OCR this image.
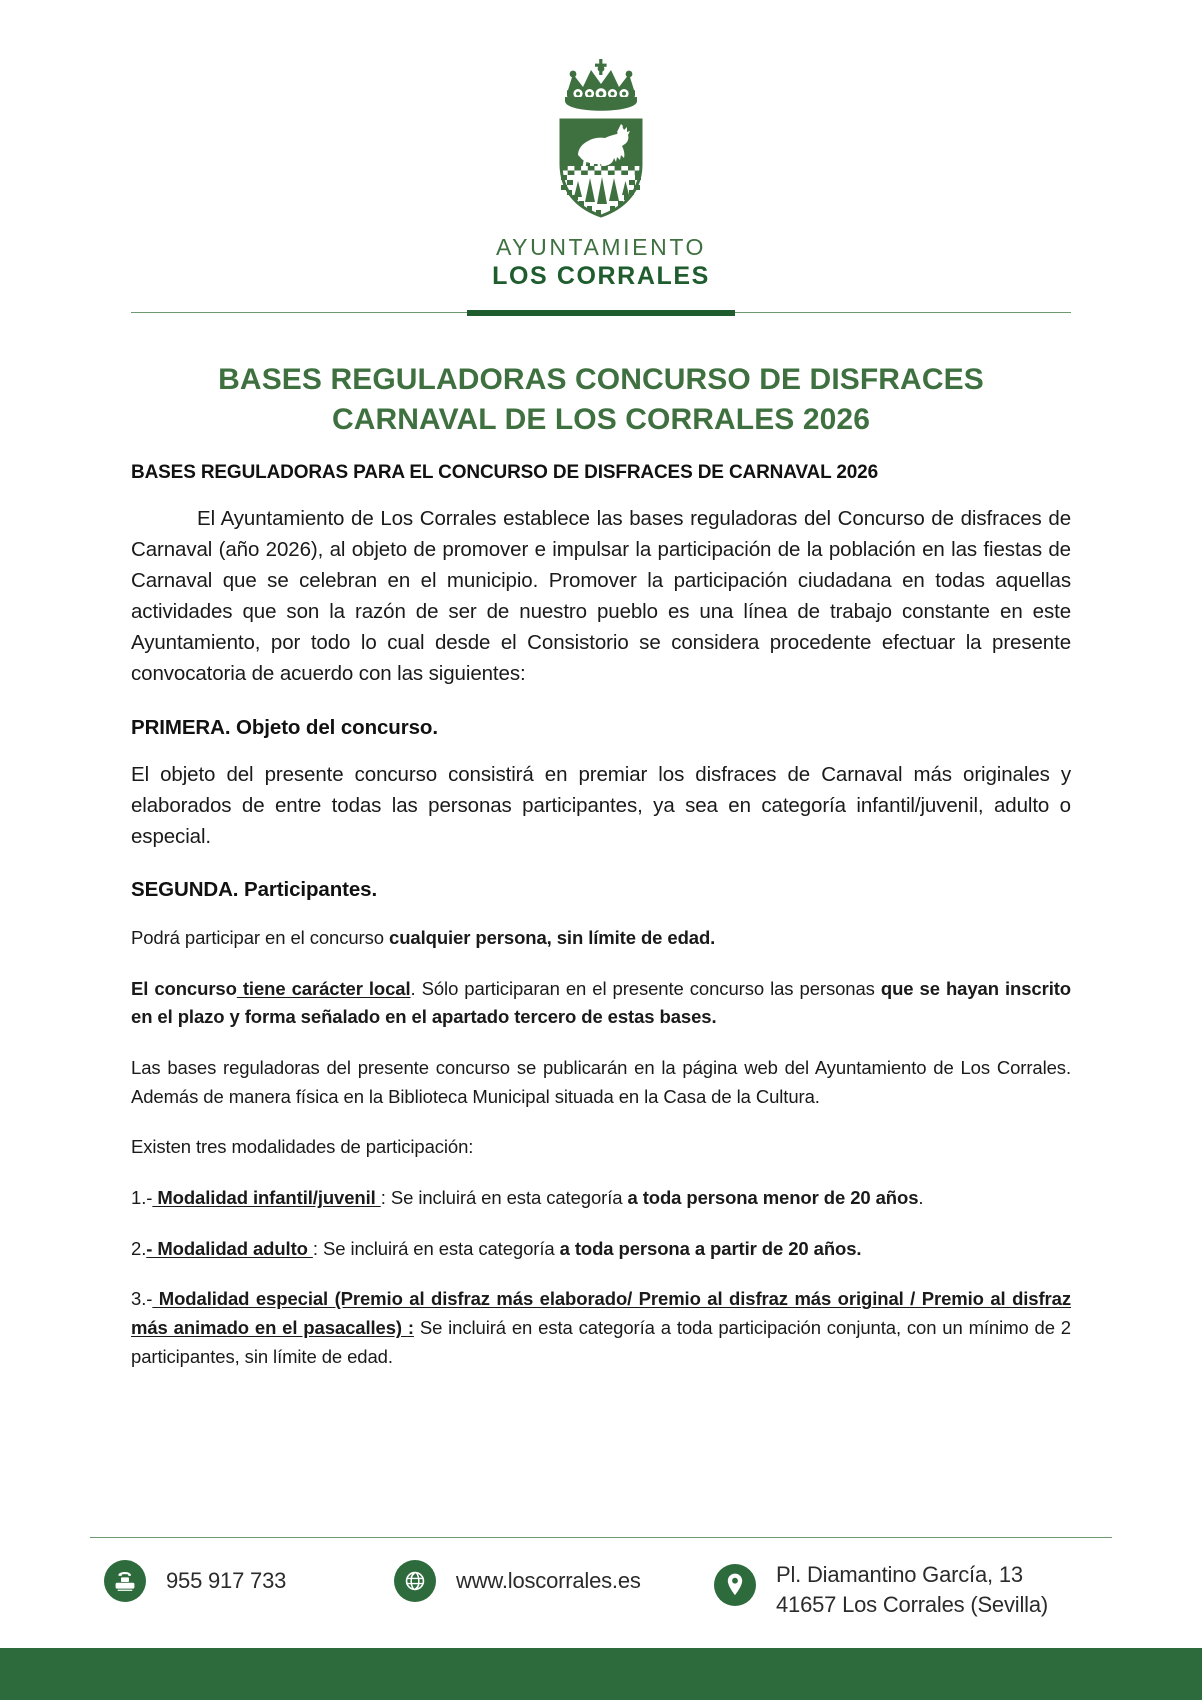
AYUNTAMIENTO
LOS CORRALES
BASES REGULADORAS CONCURSO DE DISFRACES
CARNAVAL DE LOS CORRALES 2026
BASES REGULADORAS PARA EL CONCURSO DE DISFRACES DE CARNAVAL 2026

El Ayuntamiento de Los Corrales establece las bases reguladoras del Concurso de disfraces de Carnaval (año 2026), al objeto de promover e impulsar la participación de la población en las fiestas de Carnaval que se celebran en el municipio. Promover la participación ciudadana en todas aquellas actividades que son la razón de ser de nuestro pueblo es una línea de trabajo constante en este Ayuntamiento, por todo lo cual desde el Consistorio se considera procedente efectuar la presente convocatoria de acuerdo con las siguientes:

PRIMERA. Objeto del concurso.

El objeto del presente concurso consistirá en premiar los disfraces de Carnaval más originales y elaborados de entre todas las personas participantes, ya sea en categoría infantil/juvenil, adulto o especial.

SEGUNDA. Participantes.

Podrá participar en el concurso cualquier persona, sin límite de edad.

El concurso tiene carácter local. Sólo participaran en el presente concurso las personas que se hayan inscrito en el plazo y forma señalado en el apartado tercero de estas bases.

Las bases reguladoras del presente concurso se publicarán en la página web del Ayuntamiento de Los Corrales. Además de manera física en la Biblioteca Municipal situada en la Casa de la Cultura.

Existen tres modalidades de participación:

1.- Modalidad infantil/juvenil : Se incluirá en esta categoría a toda persona menor de 20 años.

2.- Modalidad adulto : Se incluirá en esta categoría a toda persona a partir de 20 años.

3.- Modalidad especial (Premio al disfraz más elaborado/ Premio al disfraz más original / Premio al disfraz más animado en el pasacalles) : Se incluirá en esta categoría a toda participación conjunta, con un mínimo de 2 participantes, sin límite de edad.

955 917 733	www.loscorrales.es	Pl. Diamantino García, 13
41657 Los Corrales (Sevilla)
